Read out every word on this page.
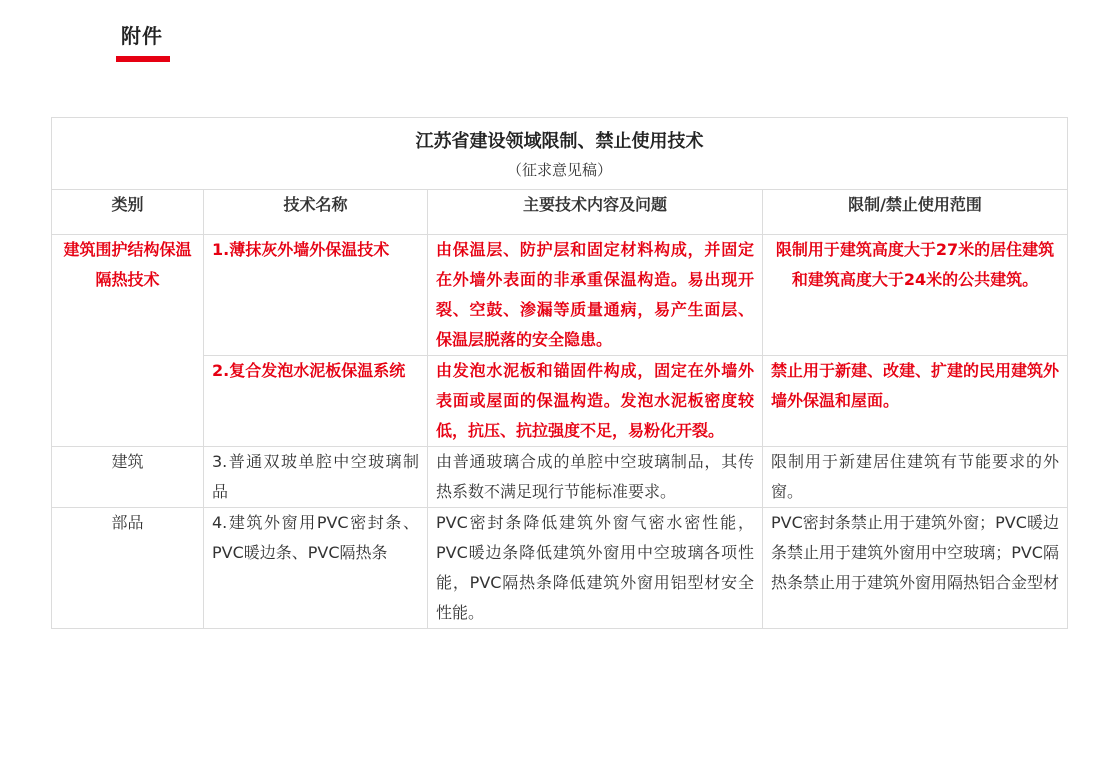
附件
江苏省建设领域限制、禁止使用技术
（征求意见稿）			

类别	技术名称	主要技术内容及问题	限制/禁止使用范围
建筑围护结构保温隔热技术	1.薄抹灰外墙外保温技术	由保温层、防护层和固定材料构成，并固定在外墙外表面的非承重保温构造。易出现开裂、空鼓、渗漏等质量通病，易产生面层、保温层脱落的安全隐患。	限制用于建筑高度大于27米的居住建筑和建筑高度大于24米的公共建筑。
	2.复合发泡水泥板保温系统	由发泡水泥板和锚固件构成，固定在外墙外表面或屋面的保温构造。发泡水泥板密度较低，抗压、抗拉强度不足，易粉化开裂。	禁止用于新建、改建、扩建的民用建筑外墙外保温和屋面。
建筑	3.普通双玻单腔中空玻璃制品	由普通玻璃合成的单腔中空玻璃制品，其传热系数不满足现行节能标准要求。	限制用于新建居住建筑有节能要求的外窗。
部品	4.建筑外窗用PVC密封条、PVC暖边条、PVC隔热条	PVC密封条降低建筑外窗气密水密性能，PVC暖边条降低建筑外窗用中空玻璃各项性能，PVC隔热条降低建筑外窗用铝型材安全性能。	PVC密封条禁止用于建筑外窗；PVC暖边条禁止用于建筑外窗用中空玻璃；PVC隔热条禁止用于建筑外窗用隔热铝合金型材
